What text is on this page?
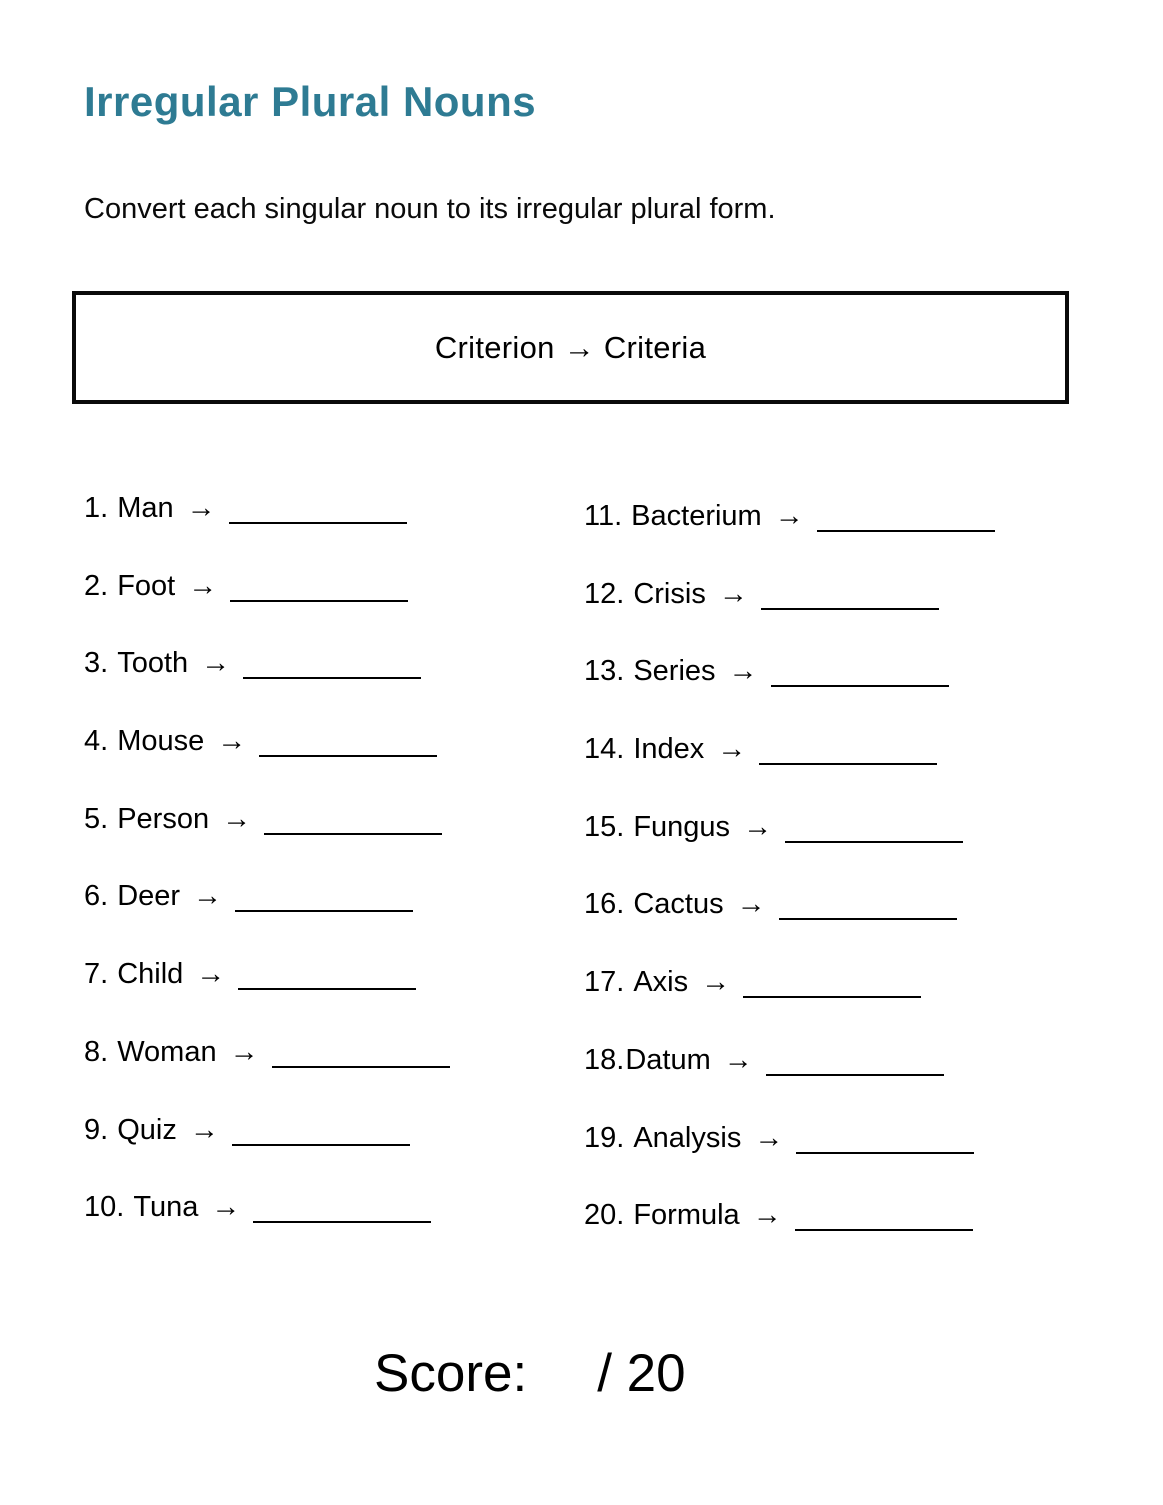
Irregular Plural Nouns

Convert each singular noun to its irregular plural form.

Criterion → Criteria
1. Man →
2. Foot →
3. Tooth →
4. Mouse →
5. Person →
6. Deer →
7. Child →
8. Woman →
9. Quiz →
10. Tuna →
11. Bacterium →
12. Crisis →
13. Series →
14. Index →
15. Fungus →
16. Cactus →
17. Axis →
18.Datum →
19. Analysis →
20. Formula →
Score: / 20
